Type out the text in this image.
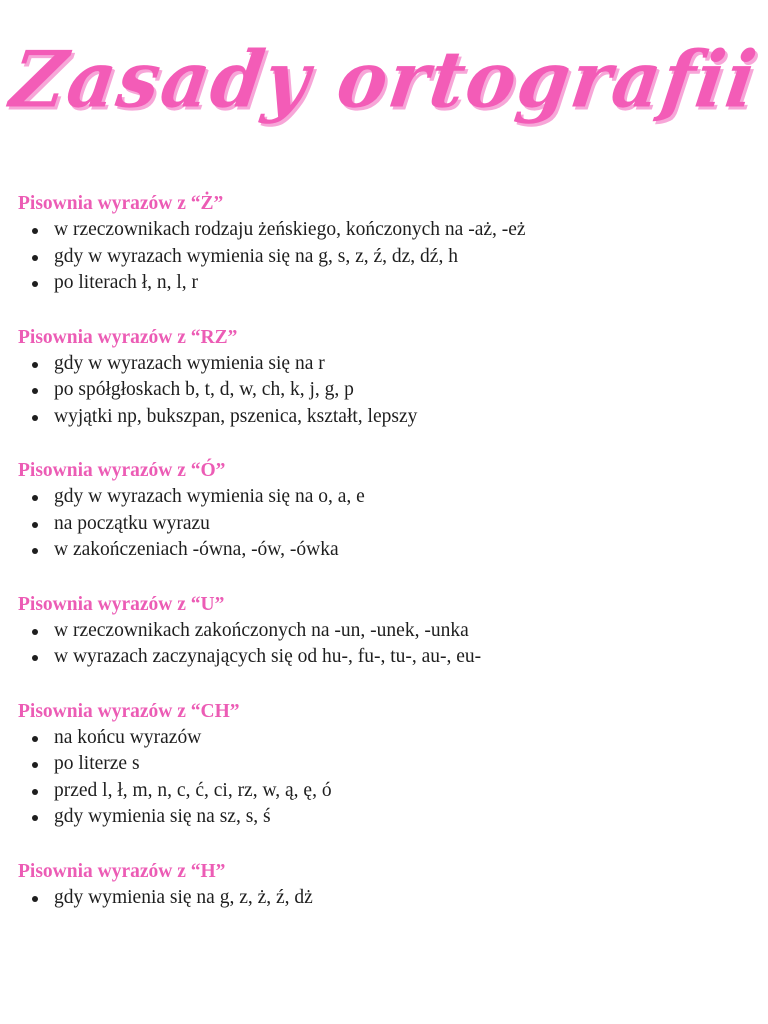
Zasady ortografii
Pisownia wyrazów z “Ż”
w rzeczownikach rodzaju żeńskiego, kończonych na -aż, -eż
gdy w wyrazach wymienia się na g, s, z, ź, dz, dź, h
po literach ł, n, l, r
Pisownia wyrazów z “RZ”
gdy w wyrazach wymienia się na r
po spółgłoskach b, t, d, w, ch, k, j, g, p
wyjątki np, bukszpan, pszenica, kształt, lepszy
Pisownia wyrazów z “Ó”
gdy w wyrazach wymienia się na o, a, e
na początku wyrazu
w zakończeniach -ówna, -ów, -ówka
Pisownia wyrazów z “U”
w rzeczownikach zakończonych na -un, -unek, -unka
w wyrazach zaczynających się od hu-, fu-, tu-, au-, eu-
Pisownia wyrazów z “CH”
na końcu wyrazów
po literze s
przed l, ł, m, n, c, ć, ci, rz, w, ą, ę, ó
gdy wymienia się na sz, s, ś
Pisownia wyrazów z “H”
gdy wymienia się na g, z, ż, ź, dż
